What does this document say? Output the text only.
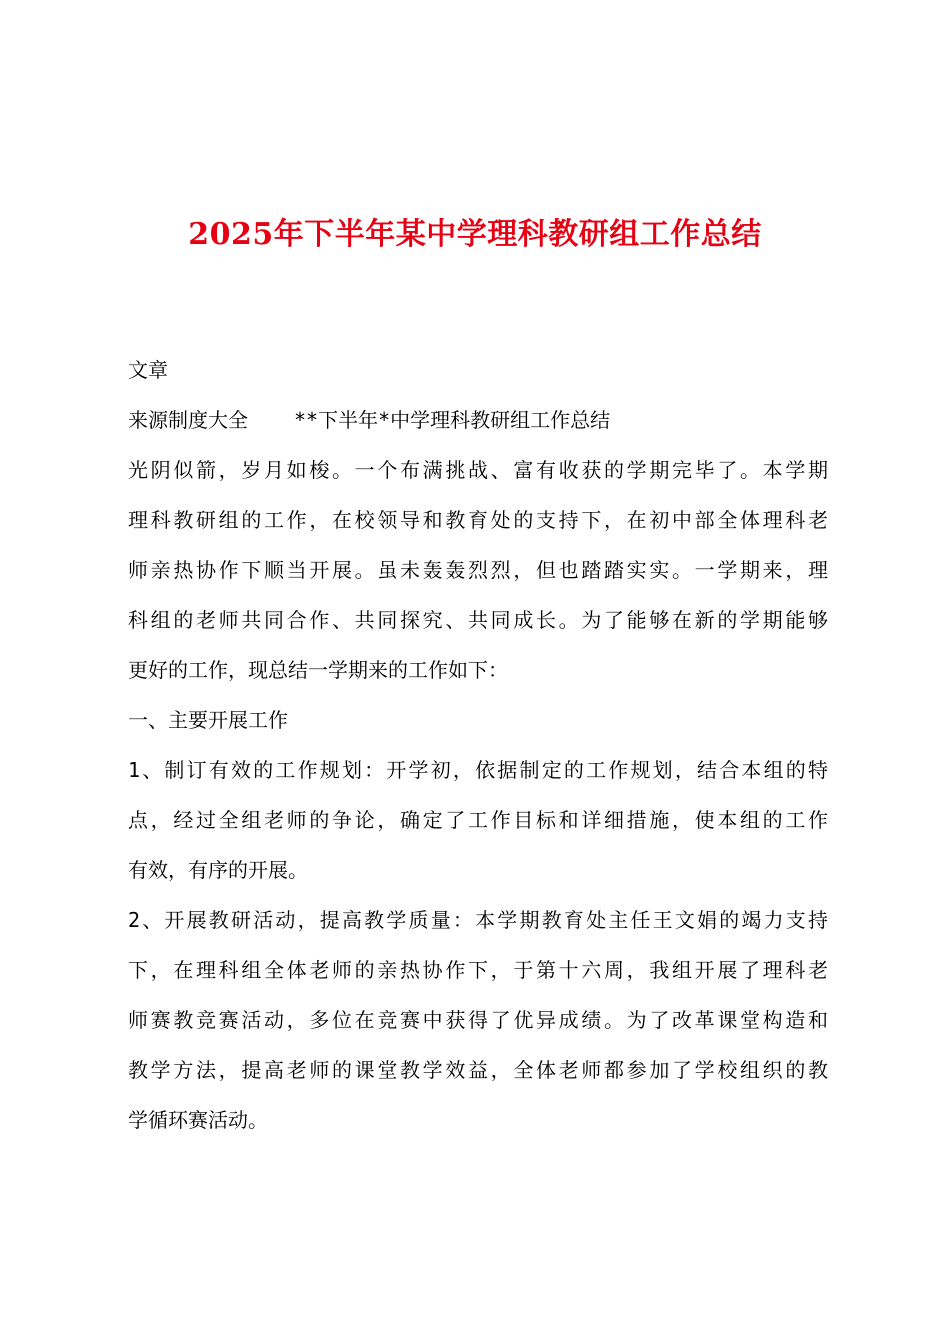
2025年下半年某中学理科教研组工作总结
文章
来源制度大全 **下半年*中学理科教研组工作总结
光阴似箭，岁月如梭。一个布满挑战、富有收获的学期完毕了。本学期
理科教研组的工作，在校领导和教育处的支持下，在初中部全体理科老
师亲热协作下顺当开展。虽未轰轰烈烈，但也踏踏实实。一学期来，理
科组的老师共同合作、共同探究、共同成长。为了能够在新的学期能够
更好的工作，现总结一学期来的工作如下：
一、主要开展工作
1、制订有效的工作规划：开学初，依据制定的工作规划，结合本组的特
点，经过全组老师的争论，确定了工作目标和详细措施，使本组的工作
有效，有序的开展。
2、开展教研活动，提高教学质量：本学期教育处主任王文娟的竭力支持
下，在理科组全体老师的亲热协作下，于第十六周，我组开展了理科老
师赛教竞赛活动，多位在竞赛中获得了优异成绩。为了改革课堂构造和
教学方法，提高老师的课堂教学效益，全体老师都参加了学校组织的教
学循环赛活动。
